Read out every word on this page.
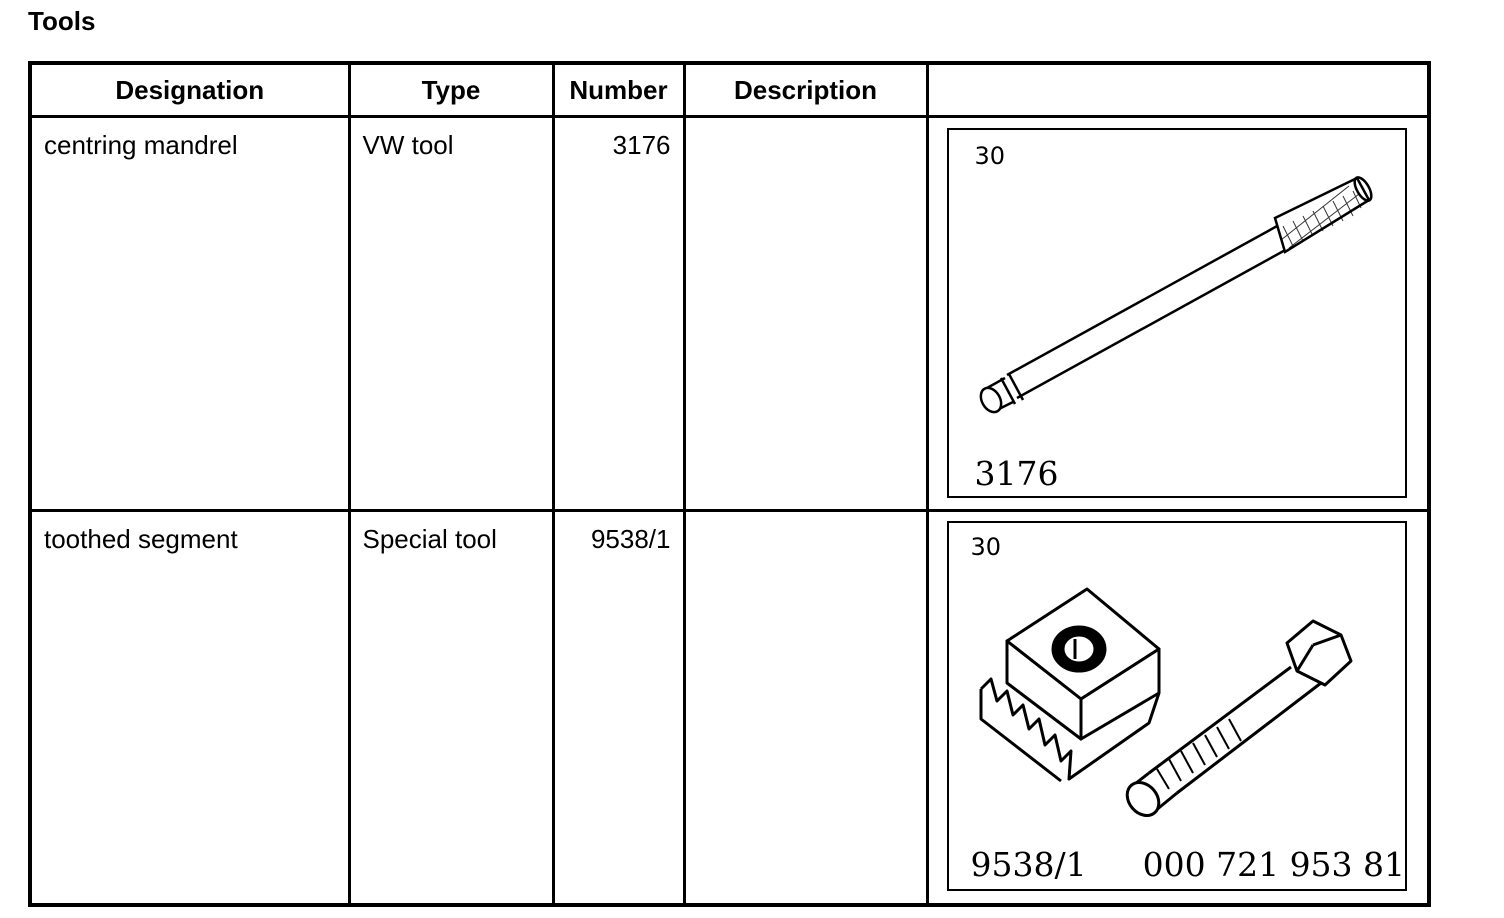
Tools
Designation	Type	Number	Description	

centring mandrel	VW tool	3176		30
3176

toothed segment	Special tool	9538/1		30
9538/1 000 721 953 81
